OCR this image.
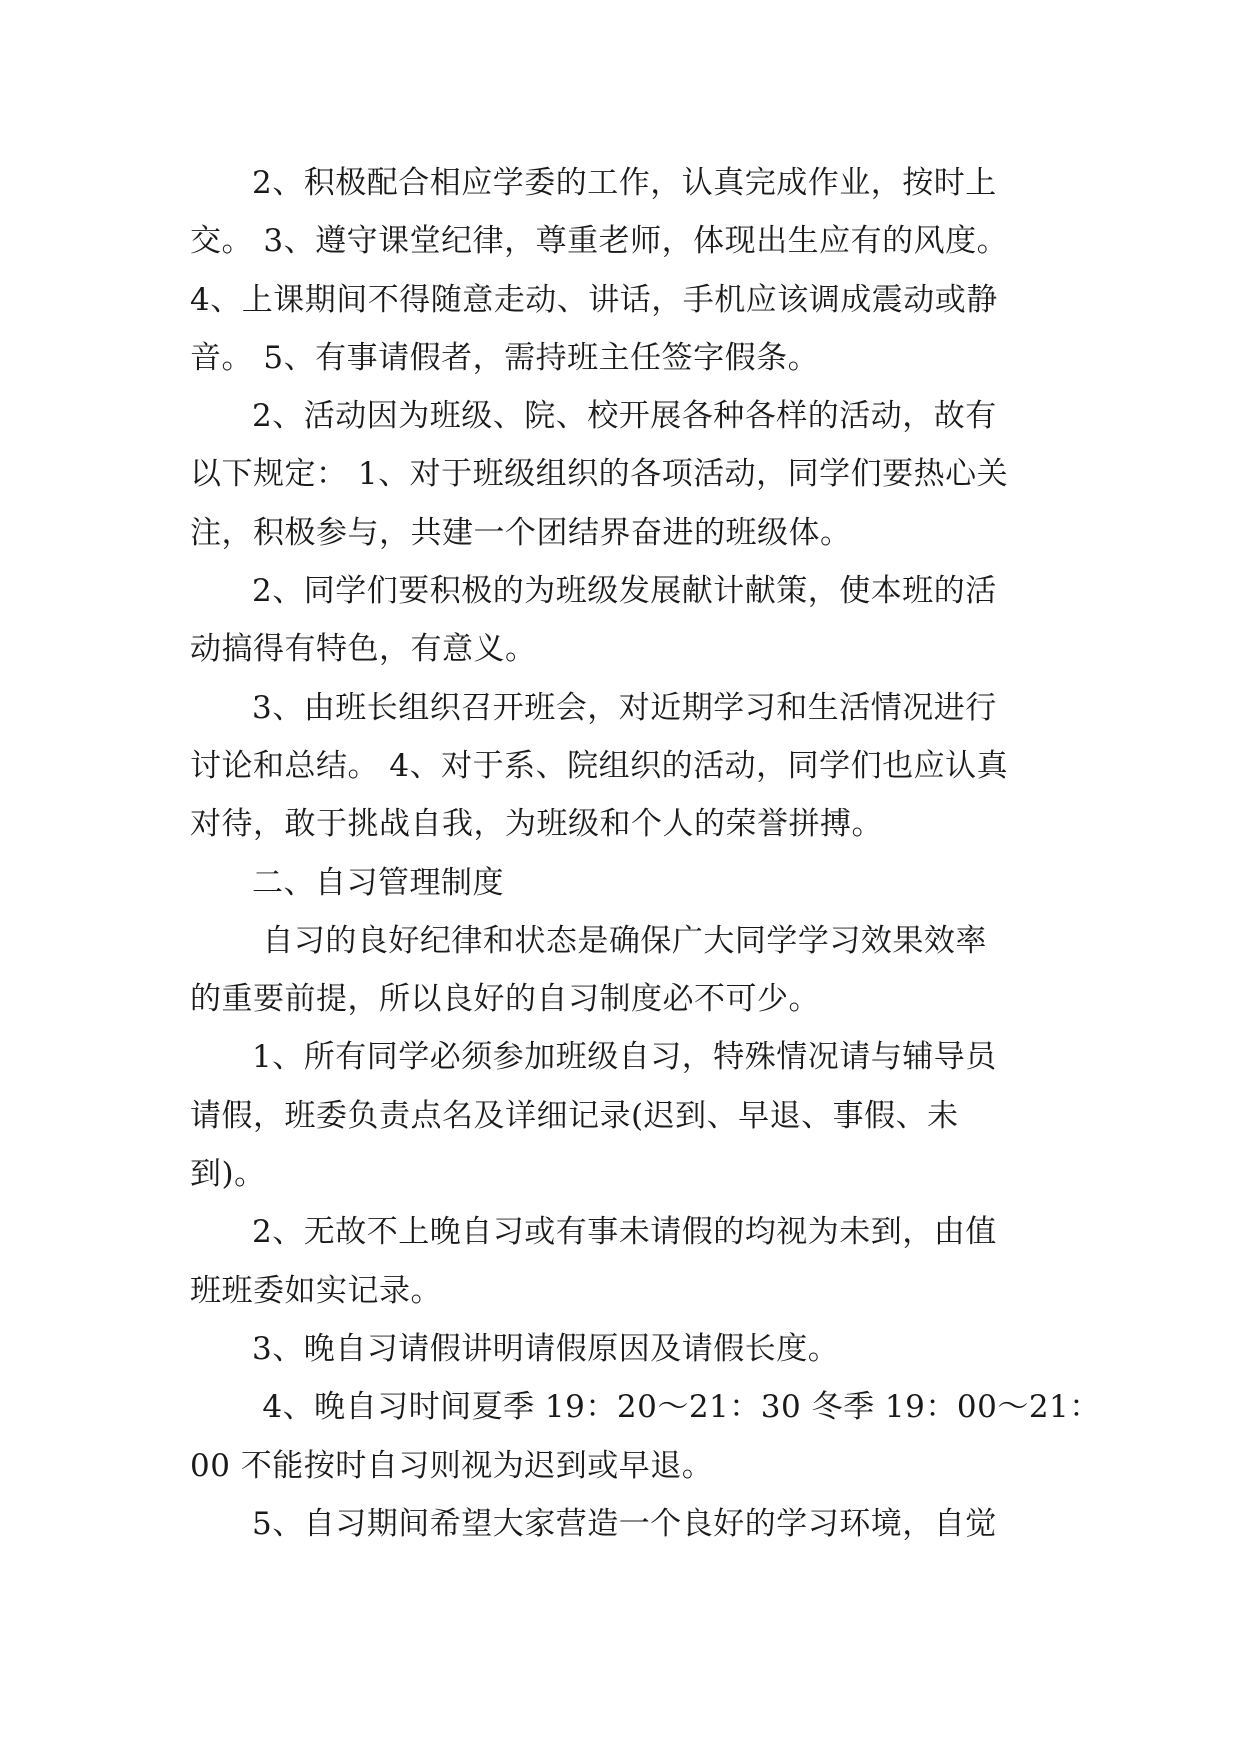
2、积极配合相应学委的工作，认真完成作业，按时上
交。 3、遵守课堂纪律，尊重老师，体现出生应有的风度。
4、上课期间不得随意走动、讲话，手机应该调成震动或静
音。 5、有事请假者，需持班主任签字假条。
2、活动因为班级、院、校开展各种各样的活动，故有
以下规定： 1、对于班级组织的各项活动，同学们要热心关
注，积极参与，共建一个团结界奋进的班级体。
2、同学们要积极的为班级发展献计献策，使本班的活
动搞得有特色，有意义。
3、由班长组织召开班会，对近期学习和生活情况进行
讨论和总结。 4、对于系、院组织的活动，同学们也应认真
对待，敢于挑战自我，为班级和个人的荣誉拼搏。
二、自习管理制度
自习的良好纪律和状态是确保广大同学学习效果效率
的重要前提，所以良好的自习制度必不可少。
1、所有同学必须参加班级自习，特殊情况请与辅导员
请假，班委负责点名及详细记录(迟到、早退、事假、未
到)。
2、无故不上晚自习或有事未请假的均视为未到，由值
班班委如实记录。
3、晚自习请假讲明请假原因及请假长度。
4、晚自习时间夏季 19：20～21：30 冬季 19：00～21：
00 不能按时自习则视为迟到或早退。
5、自习期间希望大家营造一个良好的学习环境，自觉
